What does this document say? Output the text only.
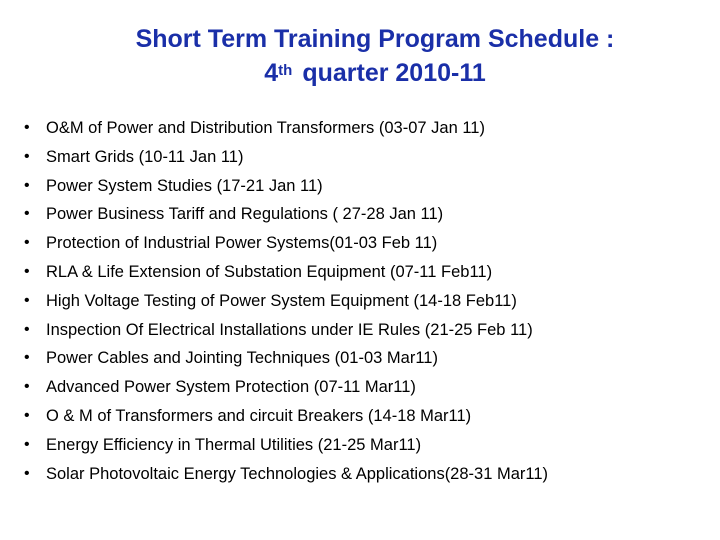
Short Term Training Program Schedule :
4th quarter 2010-11
• O&M of Power and Distribution Transformers (03-07 Jan 11)
• Smart Grids (10-11 Jan 11)
• Power System Studies (17-21 Jan 11)
• Power Business Tariff and Regulations ( 27-28 Jan 11)
• Protection of Industrial Power Systems(01-03 Feb 11)
• RLA & Life Extension of Substation Equipment (07-11 Feb11)
• High Voltage Testing of Power System Equipment (14-18 Feb11)
• Inspection Of Electrical Installations under IE Rules (21-25 Feb 11)
• Power Cables and Jointing Techniques (01-03 Mar11)
• Advanced Power System Protection (07-11 Mar11)
• O & M of Transformers and circuit Breakers (14-18 Mar11)
• Energy Efficiency in Thermal Utilities (21-25 Mar11)
• Solar Photovoltaic Energy Technologies & Applications(28-31 Mar11)
